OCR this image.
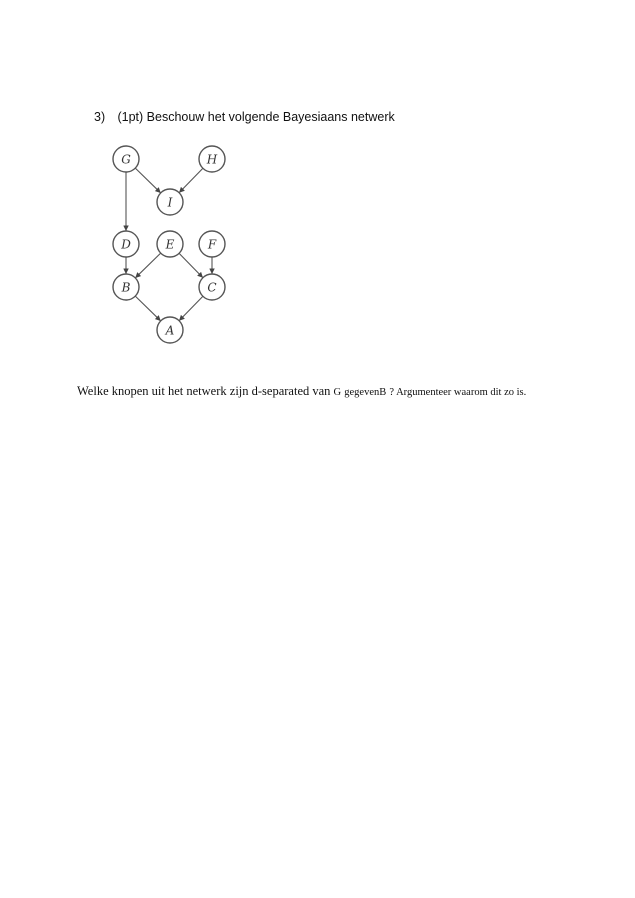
3) (1pt) Beschouw het volgende Bayesiaans netwerk
G	H
I
D	E	F
B	C
A
Welke knopen uit het netwerk zijn d-separated van G gegevenB ? Argumenteer waarom dit zo is.
